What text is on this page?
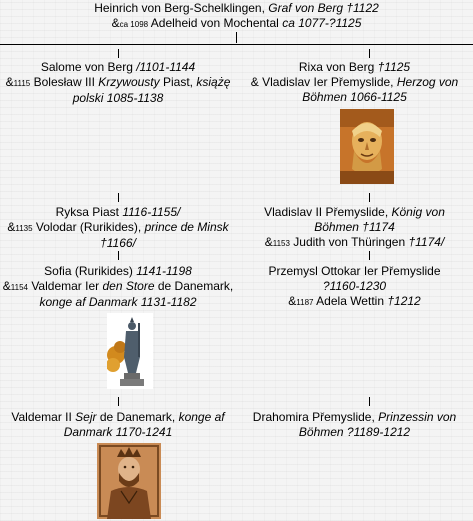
Heinrich von Berg-Schelklingen, Graf von Berg †1122
&ca 1098 Adelheid von Mochental ca 1077-?1125
Salome von Berg /1101-1144
&1115 Bolesław III Krzywousty Piast, książę
polski 1085-1138
Rixa von Berg †1125
& Vladislav Ier Přemyslide, Herzog von
Böhmen 1066-1125
Ryksa Piast 1116-1155/
&1135 Volodar (Rurikides), prince de Minsk
†1166/
Vladislav II Přemyslide, König von
Böhmen †1174
&1153 Judith von Thüringen †1174/
Sofia (Rurikides) 1141-1198
&1154 Valdemar Ier den Store de Danemark,
konge af Danmark 1131-1182
Przemysl Ottokar Ier Přemyslide
?1160-1230
&1187 Adela Wettin †1212
Valdemar II Sejr de Danemark, konge af
Danmark 1170-1241
Drahomira Přemyslide, Prinzessin von
Böhmen ?1189-1212
